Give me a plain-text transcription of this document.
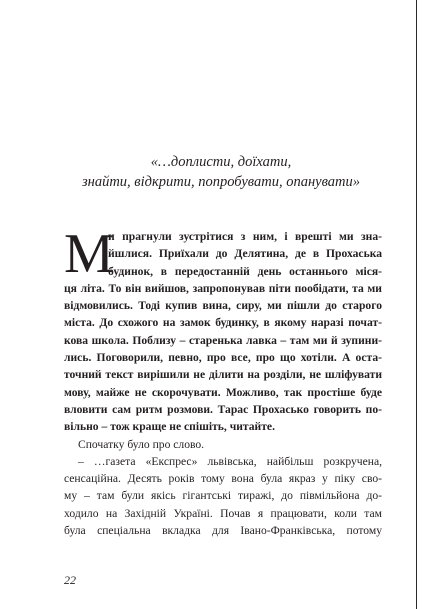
«…доплисти, доїхати,
знайти, відкрити, попробувати, опанувати»
М
и прагнули зустрітися з ним, і врешті ми зна-
йшлися. Приїхали до Делятина, де в Прохаська
будинок, в передостанній день останнього міся-
ця літа. То він вийшов, запропонував піти пообідати, та ми
відмовились. Тоді купив вина, сиру, ми пішли до старого
міста. До схожого на замок будинку, в якому наразі почат-
кова школа. Поблизу – старенька лавка – там ми й зупини-
лись. Поговорили, певно, про все, про що хотіли. А оста-
точний текст вирішили не ділити на розділи, не шліфувати
мову, майже не скорочувати. Можливо, так простіше буде
вловити сам ритм розмови. Тарас Прохасько говорить по-
вільно – тож краще не спішіть, читайте.
Спочатку було про слово.
– …газета «Експрес» львівська, найбільш розкручена,
сенсаційна. Десять років тому вона була якраз у піку сво-
му – там були якісь гігантські тиражі, до півмільйона до-
ходило на Західній Україні. Почав я працювати, коли там
була спеціальна вкладка для Івано-Франківська, потому

22
